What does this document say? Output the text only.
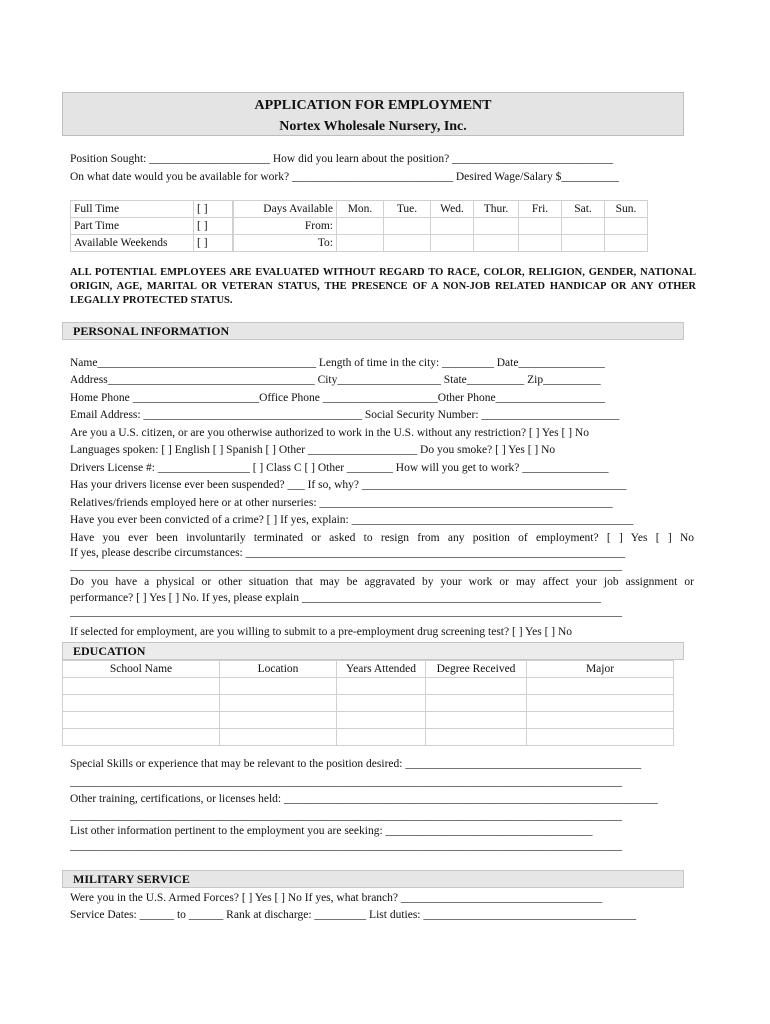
APPLICATION FOR EMPLOYMENT
Nortex Wholesale Nursery, Inc.
Position Sought: _____________________ How did you learn about the position? ____________________________
On what date would you be available for work? ____________________________ Desired Wage/Salary $__________
Full Time	[ ]
Part Time	[ ]
Available Weekends	[ ]
Days Available	Mon.	Tue.	Wed.	Thur.	Fri.	Sat.	Sun.
From:							
To:							
ALL POTENTIAL EMPLOYEES ARE EVALUATED WITHOUT REGARD TO RACE, COLOR, RELIGION, GENDER, NATIONAL ORIGIN, AGE, MARITAL OR VETERAN STATUS, THE PRESENCE OF A NON-JOB RELATED HANDICAP OR ANY OTHER LEGALLY PROTECTED STATUS.
PERSONAL INFORMATION
Name______________________________________ Length of time in the city: _________ Date_______________
Address____________________________________ City__________________ State__________ Zip__________
Home Phone ______________________Office Phone ____________________Other Phone___________________
Email Address: ______________________________________ Social Security Number: ________________________
Are you a U.S. citizen, or are you otherwise authorized to work in the U.S. without any restriction? [ ] Yes [ ] No
Languages spoken: [ ] English [ ] Spanish [ ] Other ___________________ Do you smoke? [ ] Yes [ ] No
Drivers License #: ________________ [ ] Class C [ ] Other ________ How will you get to work? _______________
Has your drivers license ever been suspended? ___ If so, why? ______________________________________________
Relatives/friends employed here or at other nurseries: ___________________________________________________
Have you ever been convicted of a crime? [ ] If yes, explain: _________________________________________________
Have you ever been involuntarily terminated or asked to resign from any position of employment? [ ] Yes [ ] No
If yes, please describe circumstances: __________________________________________________________________
________________________________________________________________________________________________
Do you have a physical or other situation that may be aggravated by your work or may affect your job assignment or
performance? [ ] Yes [ ] No. If yes, please explain ____________________________________________________
________________________________________________________________________________________________
If selected for employment, are you willing to submit to a pre-employment drug screening test? [ ] Yes [ ] No
EDUCATION
School Name	Location	Years Attended	Degree Received	Major

Special Skills or experience that may be relevant to the position desired: _________________________________________
________________________________________________________________________________________________
Other training, certifications, or licenses held: _________________________________________________________________
________________________________________________________________________________________________
List other information pertinent to the employment you are seeking: ____________________________________
________________________________________________________________________________________________
MILITARY SERVICE
Were you in the U.S. Armed Forces? [ ] Yes [ ] No If yes, what branch? ___________________________________
Service Dates: ______ to ______ Rank at discharge: _________ List duties: _____________________________________
